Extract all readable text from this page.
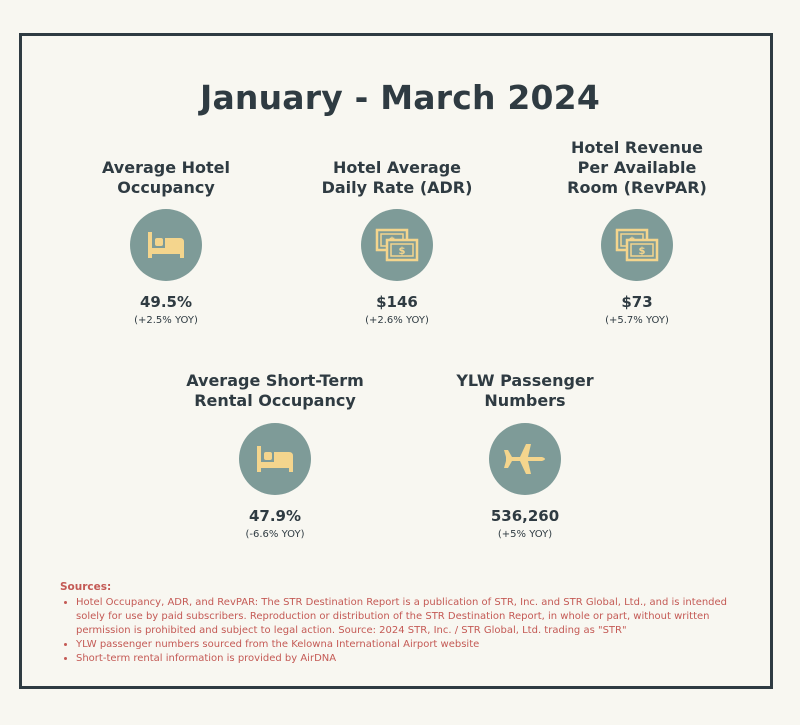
January - March 2024
Average Hotel
Occupancy
49.5%
(+2.5% YOY)
Hotel Average
Daily Rate (ADR)
$
$146
(+2.6% YOY)
Hotel Revenue
Per Available
Room (RevPAR)
$
$73
(+5.7% YOY)
Average Short-Term
Rental Occupancy
47.9%
(-6.6% YOY)
YLW Passenger
Numbers
536,260
(+5% YOY)
Sources:
• Hotel Occupancy, ADR, and RevPAR: The STR Destination Report is a publication of STR, Inc. and STR Global, Ltd., and is intended solely for use by paid subscribers. Reproduction or distribution of the STR Destination Report, in whole or part, without written permission is prohibited and subject to legal action. Source: 2024 STR, Inc. / STR Global, Ltd. trading as "STR"
• YLW passenger numbers sourced from the Kelowna International Airport website
• Short-term rental information is provided by AirDNA
